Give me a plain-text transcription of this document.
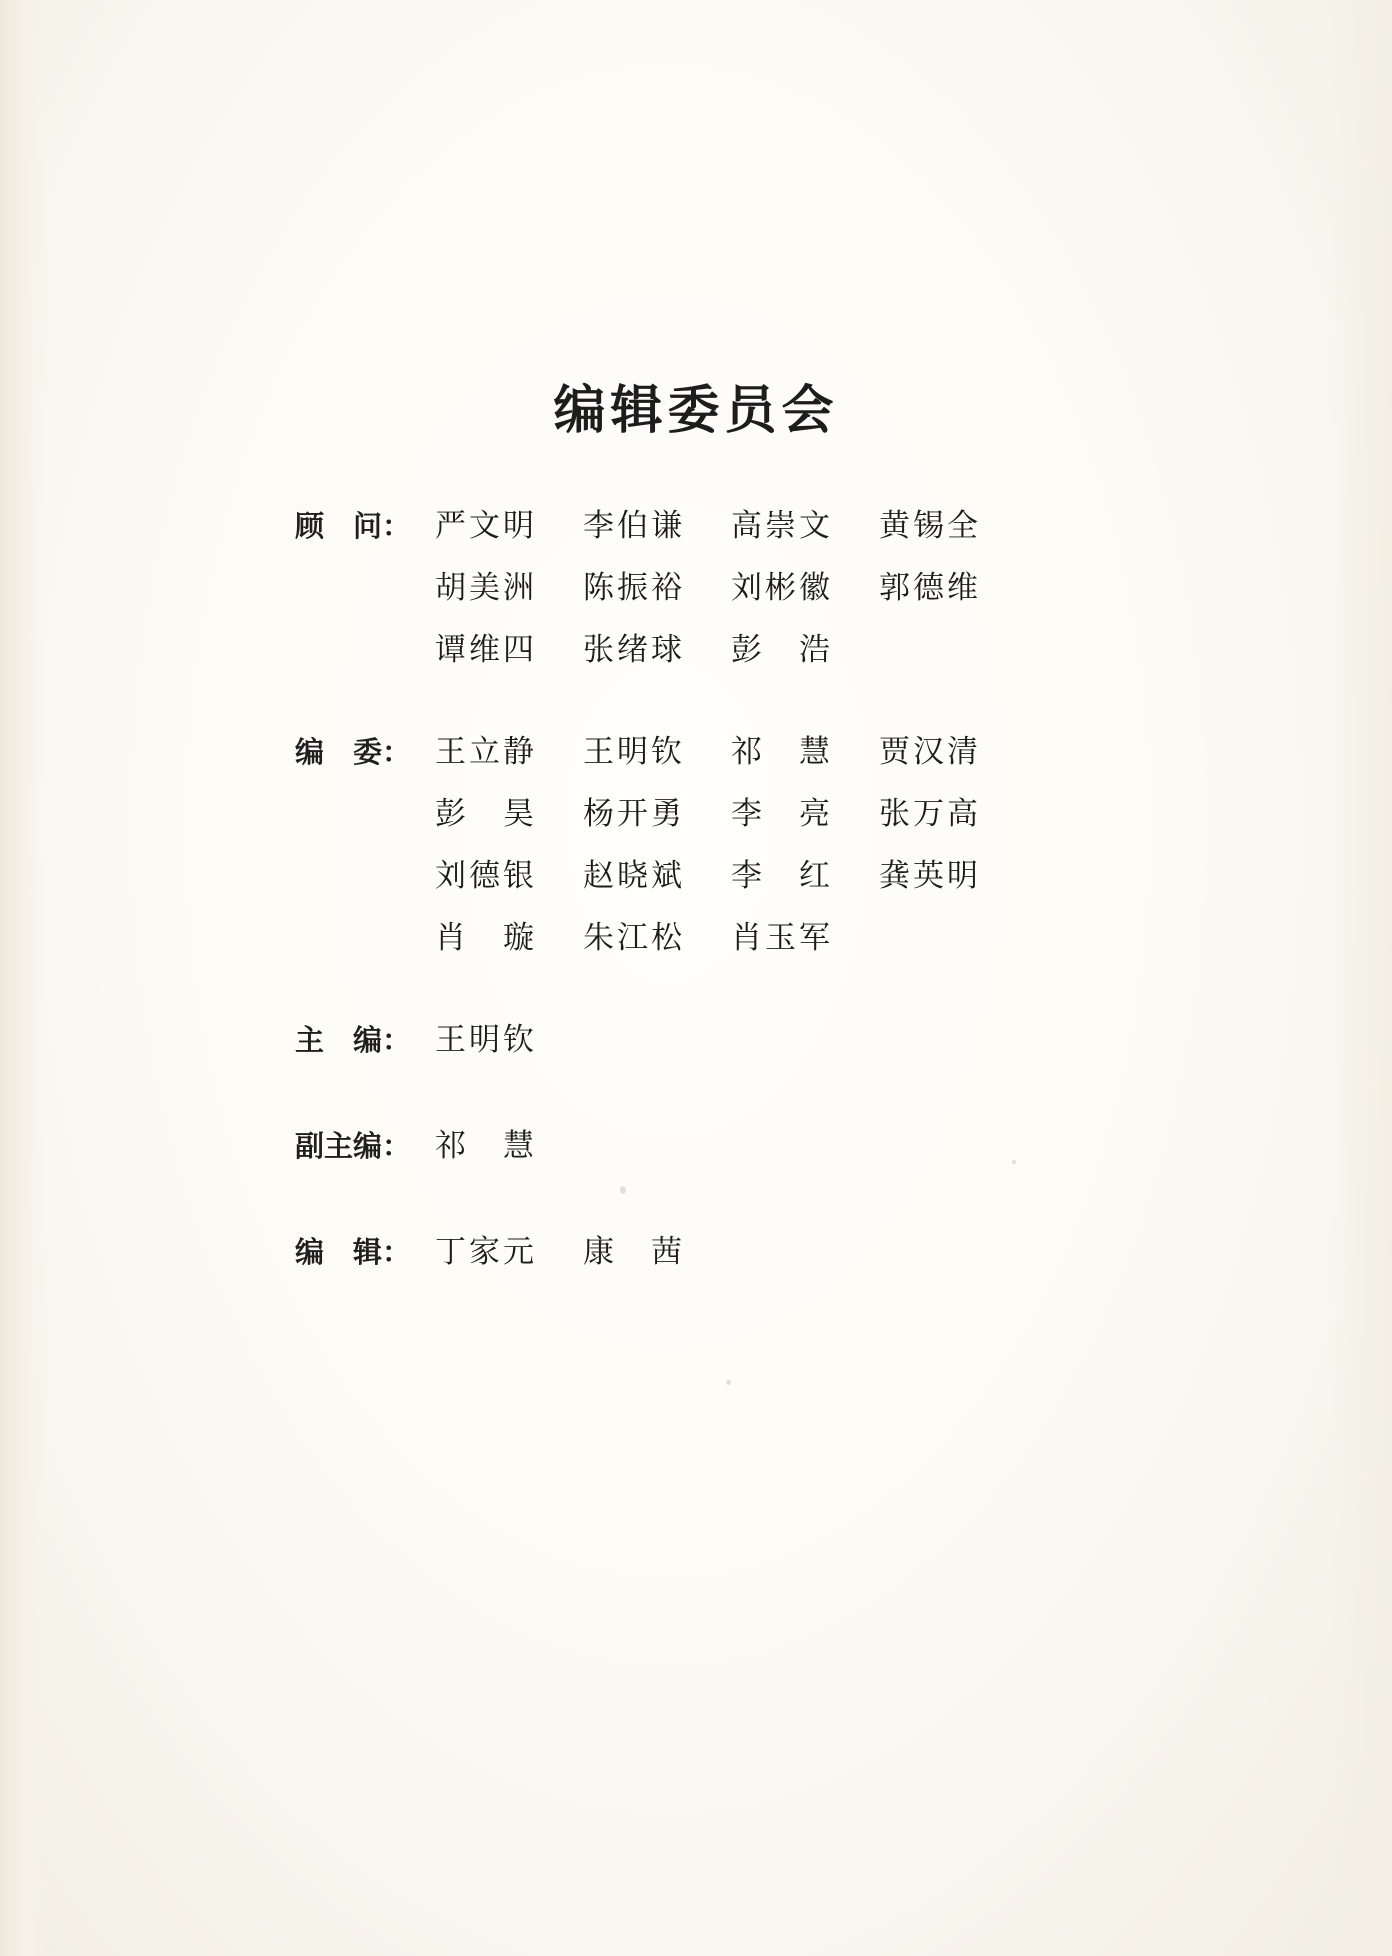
编辑委员会
顾　问： 严文明	李伯谦	高崇文	黄锡全
胡美洲	陈振裕	刘彬徽	郭德维
谭维四	张绪球	彭　浩
编　委： 王立静	王明钦	祁　慧	贾汉清
彭　昊	杨开勇	李　亮	张万高
刘德银	赵晓斌	李　红	龚英明
肖　璇	朱江松	肖玉军
主　编： 王明钦
副主编： 祁　慧
编　辑： 丁家元	康　茜
